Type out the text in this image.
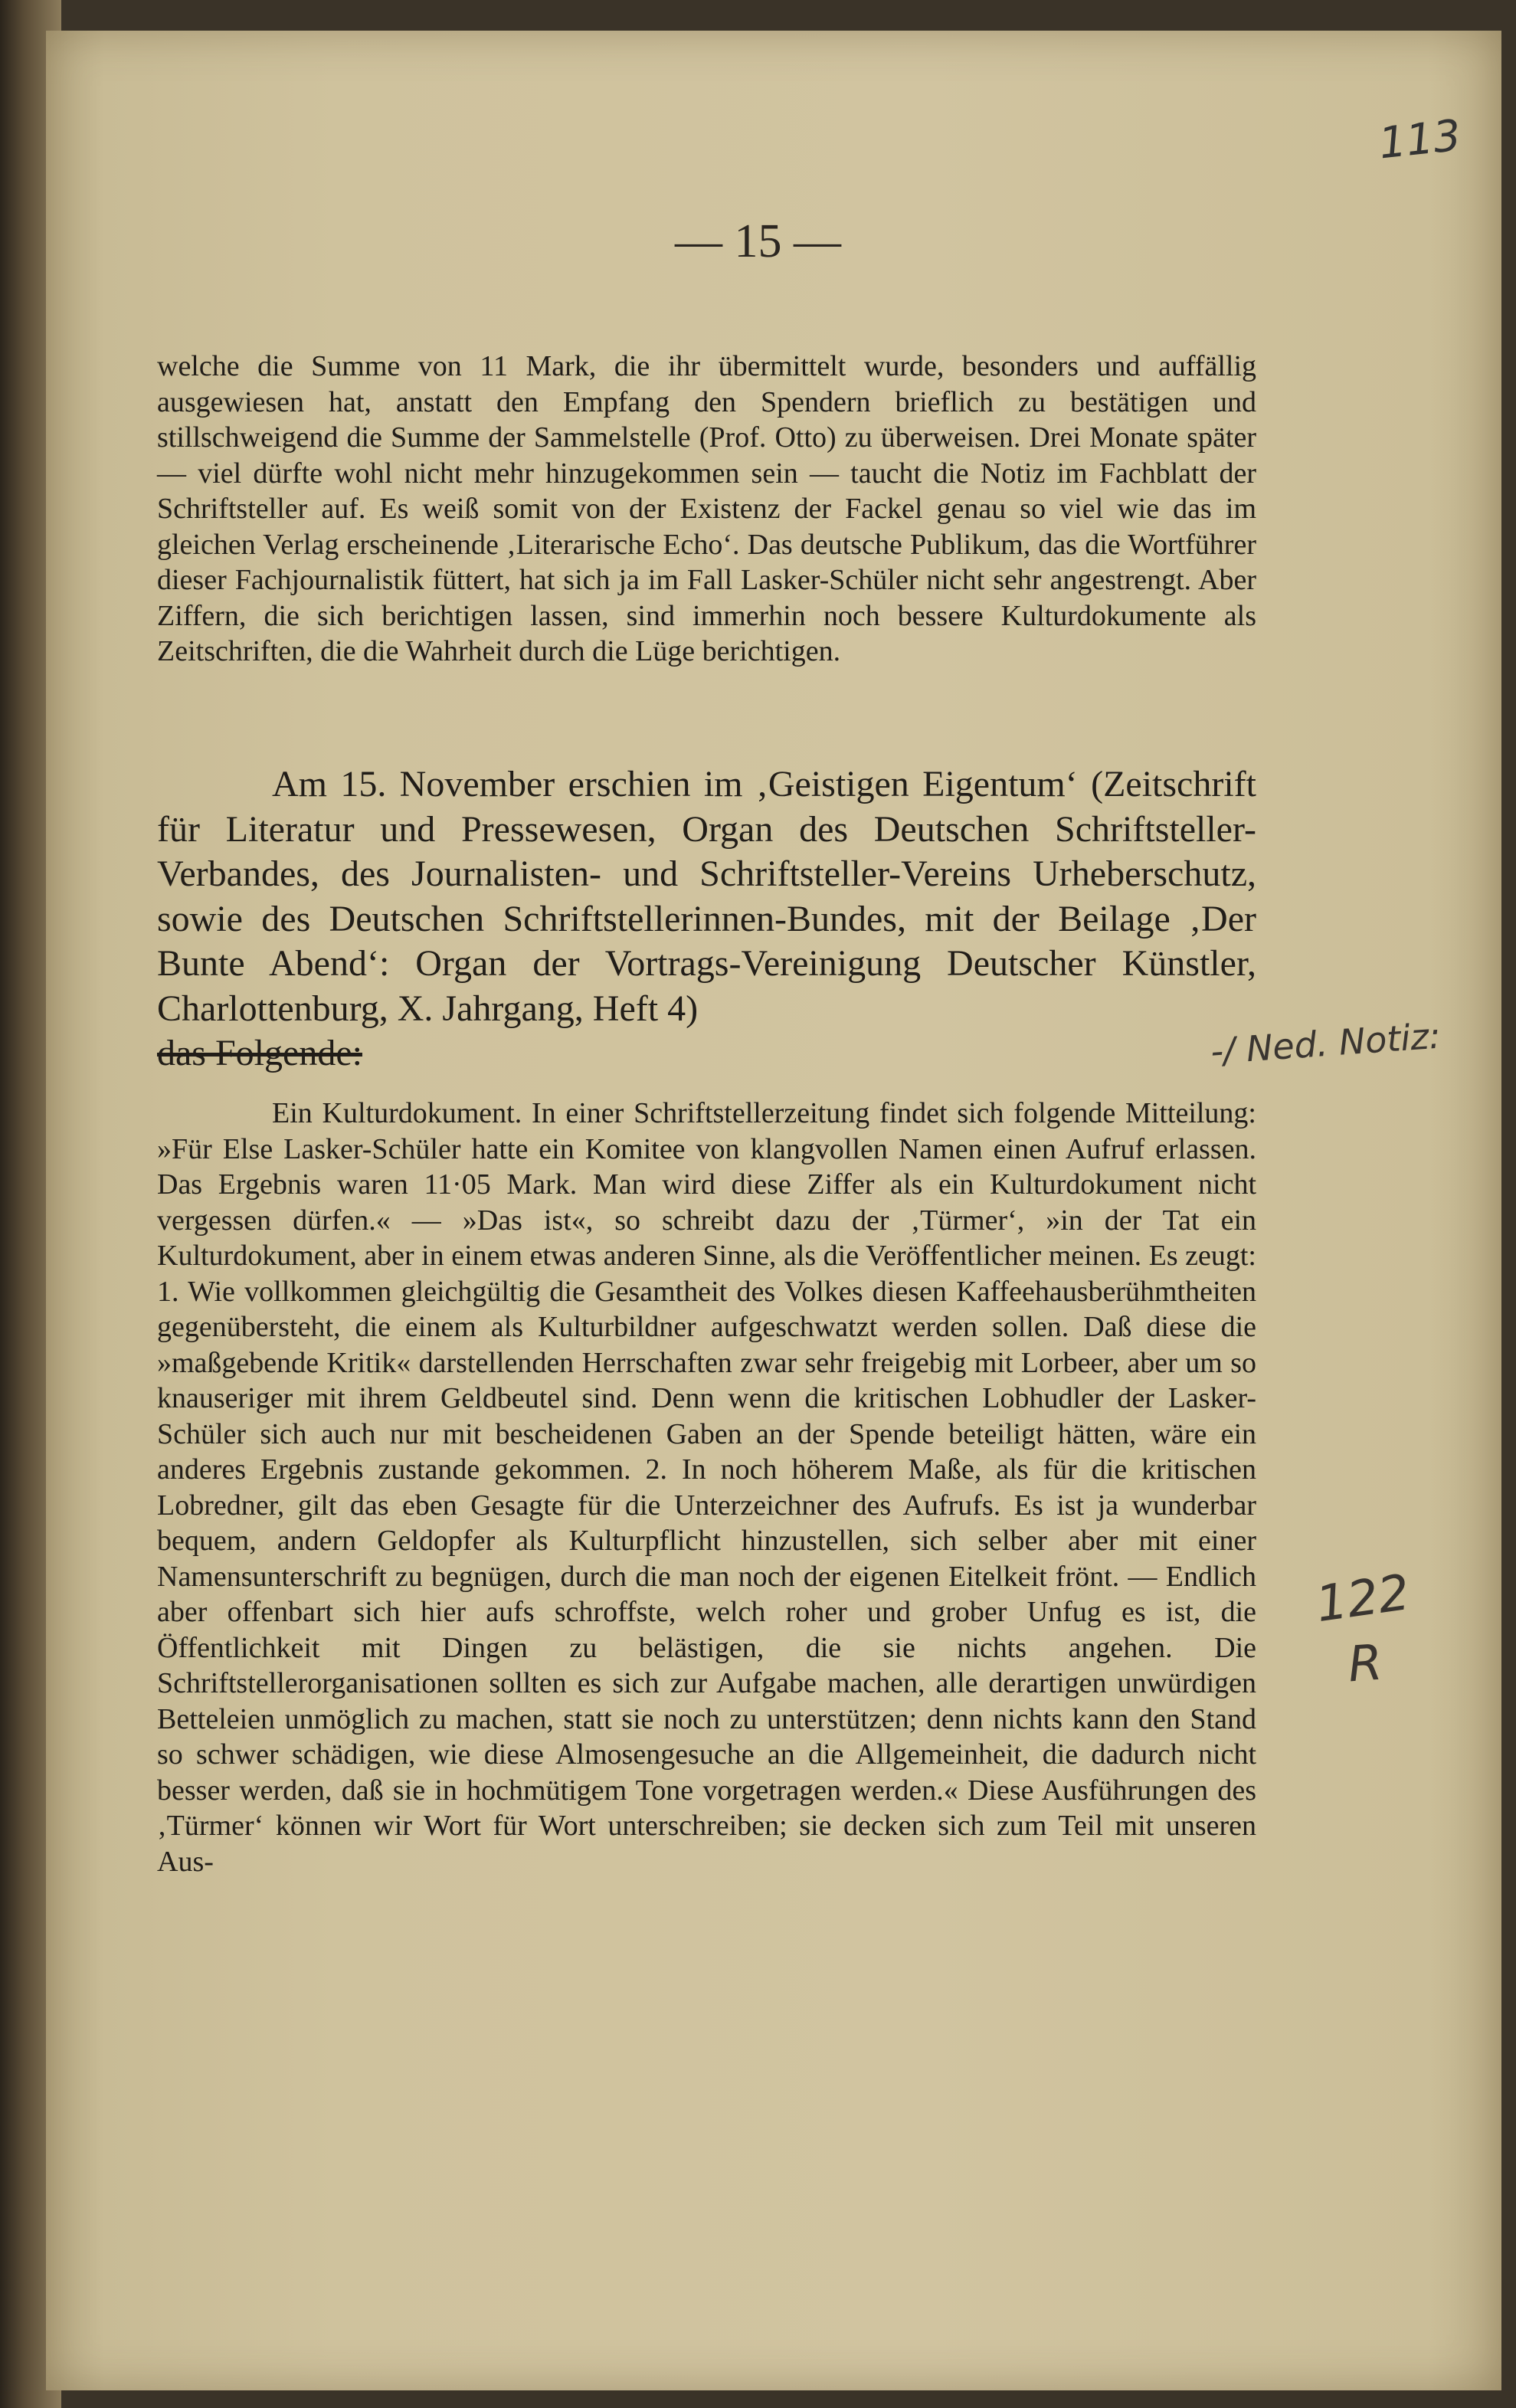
113
— 15 —

welche die Summe von 11 Mark, die ihr übermittelt wurde, besonders und auffällig ausgewiesen hat, anstatt den Empfang den Spendern brieflich zu bestätigen und stillschweigend die Summe der Sammelstelle (Prof. Otto) zu überweisen. Drei Monate später — viel dürfte wohl nicht mehr hinzugekommen sein — taucht die Notiz im Fachblatt der Schriftsteller auf. Es weiß somit von der Existenz der Fackel genau so viel wie das im gleichen Verlag erscheinende ‚Literarische Echo‘. Das deutsche Publikum, das die Wortführer dieser Fachjournalistik füttert, hat sich ja im Fall Lasker-Schüler nicht sehr angestrengt. Aber Ziffern, die sich berichtigen lassen, sind immerhin noch bessere Kulturdokumente als Zeitschriften, die die Wahrheit durch die Lüge berichtigen.

Am 15. November erschien im ‚Geistigen Eigentum‘ (Zeitschrift für Literatur und Pressewesen, Organ des Deutschen Schriftsteller-Verbandes, des Journalisten- und Schriftsteller-Vereins Urheberschutz, sowie des Deutschen Schriftstellerinnen-Bundes, mit der Beilage ‚Der Bunte Abend‘: Organ der Vortrags-Vereinigung Deutscher Künstler, Charlottenburg, X. Jahrgang, Heft 4)

das Folgende:	-/ Ned. Notiz:

Ein Kulturdokument. In einer Schriftstellerzeitung findet sich folgende Mitteilung: »Für Else Lasker-Schüler hatte ein Komitee von klangvollen Namen einen Aufruf erlassen. Das Ergebnis waren 11·05 Mark. Man wird diese Ziffer als ein Kulturdokument nicht vergessen dürfen.« — »Das ist«, so schreibt dazu der ‚Türmer‘, »in der Tat ein Kulturdokument, aber in einem etwas anderen Sinne, als die Veröffentlicher meinen. Es zeugt: 1. Wie vollkommen gleichgültig die Gesamtheit des Volkes diesen Kaffeehausberühmtheiten gegenübersteht, die einem als Kulturbildner aufgeschwatzt werden sollen. Daß diese die »maßgebende Kritik« darstellenden Herrschaften zwar sehr freigebig mit Lorbeer, aber um so knauseriger mit ihrem Geldbeutel sind. Denn wenn die kritischen Lobhudler der Lasker-Schüler sich auch nur mit bescheidenen Gaben an der Spende beteiligt hätten, wäre ein anderes Ergebnis zustande gekommen. 2. In noch höherem Maße, als für die kritischen Lobredner, gilt das eben Gesagte für die Unterzeichner des Aufrufs. Es ist ja wunderbar bequem, andern Geldopfer als Kulturpflicht hinzustellen, sich selber aber mit einer Namensunterschrift zu begnügen, durch die man noch der eigenen Eitelkeit frönt. — Endlich aber offenbart sich hier aufs schroffste, welch roher und grober Unfug es ist, die Öffentlichkeit mit Dingen zu belästigen, die sie nichts angehen. Die Schriftstellerorganisationen sollten es sich zur Aufgabe machen, alle derartigen unwürdigen Betteleien unmöglich zu machen, statt sie noch zu unterstützen; denn nichts kann den Stand so schwer schädigen, wie diese Almosengesuche an die Allgemeinheit, die dadurch nicht besser werden, daß sie in hochmütigem Tone vorgetragen werden.« Diese Ausführungen des ‚Türmer‘ können wir Wort für Wort unterschreiben; sie decken sich zum Teil mit unseren Aus-

122
R
